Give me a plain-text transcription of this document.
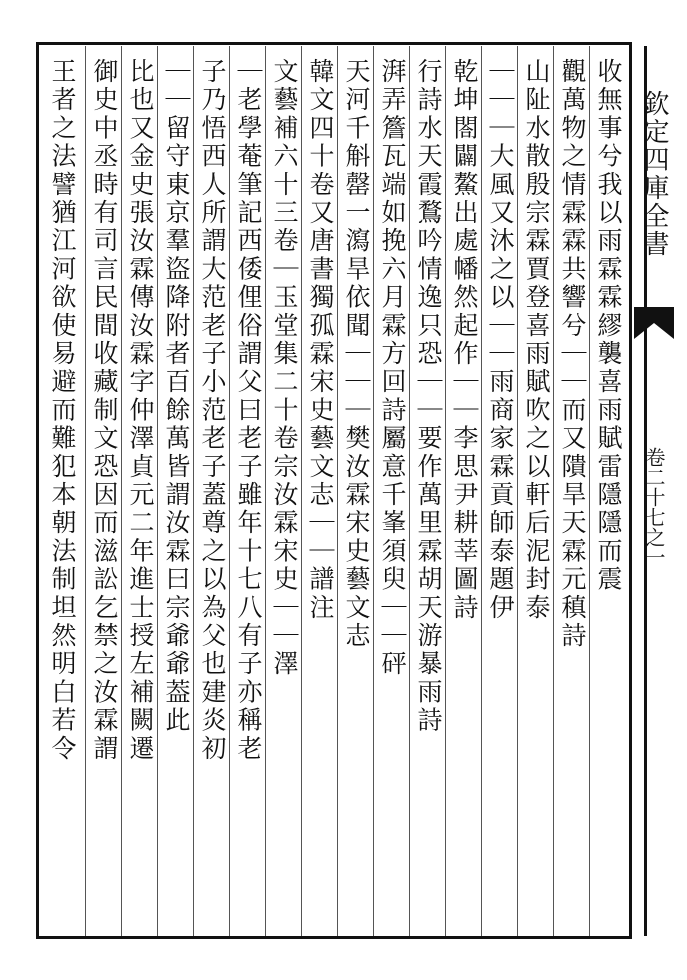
欽定四庫全書
卷二十七之一

收無事兮我以雨霖霖繆襲喜雨賦雷隱隱而震

觀萬物之情霖霖共響兮｜｜而又隤旱天霖元稹詩

山阯水散殷宗霖賈登喜雨賦吹之以軒后泥封泰

｜｜｜大風又沐之以｜｜雨商家霖貢師泰題伊

乾坤閤闢鰲出處幡然起作｜｜李思尹耕莘圖詩

行詩水天霞鶩吟情逸只恐｜｜要作萬里霖胡天游暴雨詩

湃弄簷瓦端如挽六月霖方回詩屬意千峯須臾｜｜砰

天河千斛罄一瀉旱依聞｜｜｜樊汝霖宋史藝文志

韓文四十卷又唐書獨孤霖宋史藝文志｜｜譜注

文藝補六十三卷｜玉堂集二十卷宗汝霖宋史｜｜澤

｜老學菴筆記西倭俚俗謂父曰老子雖年十七八有子亦稱老

子乃悟西人所謂大范老子小范老子蓋尊之以為父也建炎初

｜｜留守東京羣盜降附者百餘萬皆謂汝霖曰宗爺爺葢此

比也又金史張汝霖傳汝霖字仲澤貞元二年進士授左補闕遷

御史中丞時有司言民間收藏制文恐因而滋訟乞禁之汝霖謂

王者之法譬猶江河欲使易避而難犯本朝法制坦然明白若令
